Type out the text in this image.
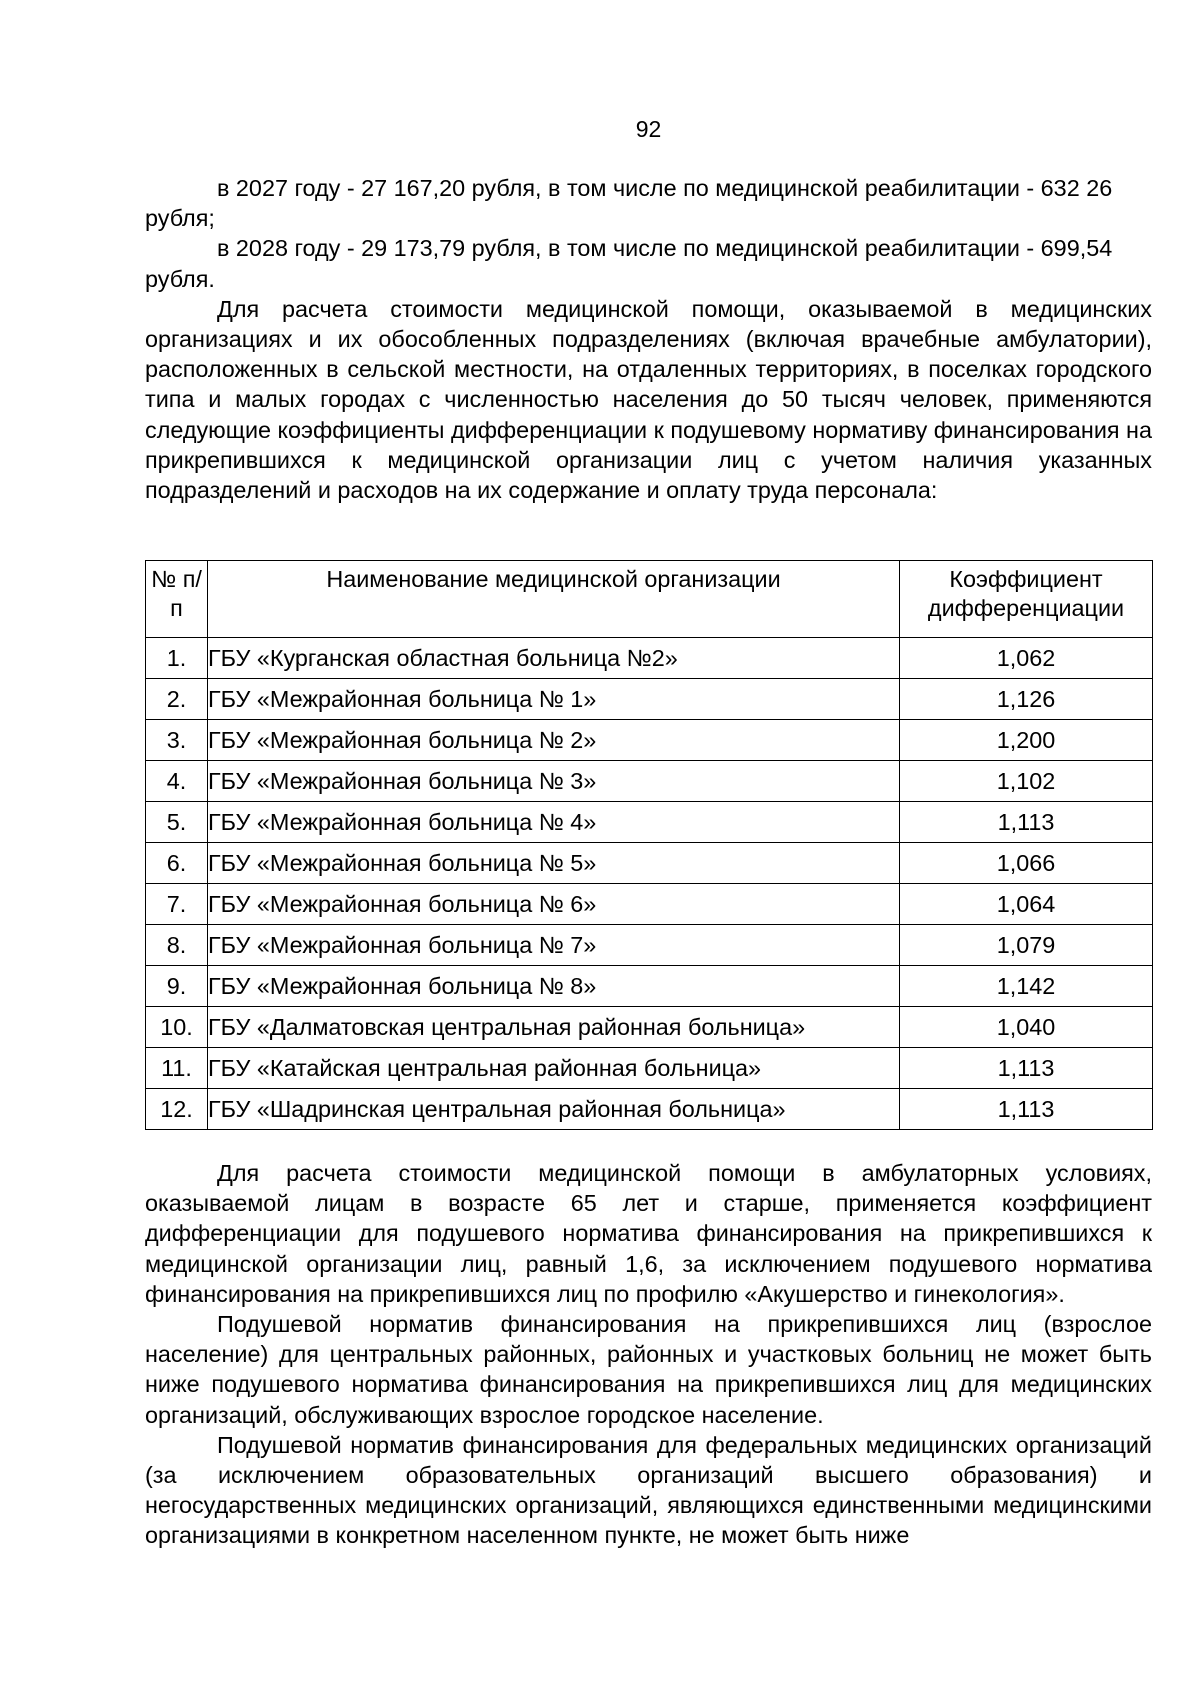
92

в 2027 году - 27 167,20 рубля, в том числе по медицинской реабилитации - 632 26 рубля;

в 2028 году - 29 173,79 рубля, в том числе по медицинской реабилитации - 699,54 рубля.

Для расчета стоимости медицинской помощи, оказываемой в медицинских организациях и их обособленных подразделениях (включая врачебные амбулатории), расположенных в сельской местности, на отдаленных территориях, в поселках городского типа и малых городах с численностью населения до 50 тысяч человек, применяются следующие коэффициенты дифференциации к подушевому нормативу финансирования на прикрепившихся к медицинской организации лиц с учетом наличия указанных подразделений и расходов на их содержание и оплату труда персонала:

№ п/п	Наименование медицинской организации	Коэффициент дифференциации
1.	ГБУ «Курганская областная больница №2»	1,062
2.	ГБУ «Межрайонная больница № 1»	1,126
3.	ГБУ «Межрайонная больница № 2»	1,200
4.	ГБУ «Межрайонная больница № 3»	1,102
5.	ГБУ «Межрайонная больница № 4»	1,113
6.	ГБУ «Межрайонная больница № 5»	1,066
7.	ГБУ «Межрайонная больница № 6»	1,064
8.	ГБУ «Межрайонная больница № 7»	1,079
9.	ГБУ «Межрайонная больница № 8»	1,142
10.	ГБУ «Далматовская центральная районная больница»	1,040
11.	ГБУ «Катайская центральная районная больница»	1,113
12.	ГБУ «Шадринская центральная районная больница»	1,113

Для расчета стоимости медицинской помощи в амбулаторных условиях, оказываемой лицам в возрасте 65 лет и старше, применяется коэффициент дифференциации для подушевого норматива финансирования на прикрепившихся к медицинской организации лиц, равный 1,6, за исключением подушевого норматива финансирования на прикрепившихся лиц по профилю «Акушерство и гинекология».

Подушевой норматив финансирования на прикрепившихся лиц (взрослое население) для центральных районных, районных и участковых больниц не может быть ниже подушевого норматива финансирования на прикрепившихся лиц для медицинских организаций, обслуживающих взрослое городское население.

Подушевой норматив финансирования для федеральных медицинских организаций (за исключением образовательных организаций высшего образования) и негосударственных медицинских организаций, являющихся единственными медицинскими организациями в конкретном населенном пункте, не может быть ниже
